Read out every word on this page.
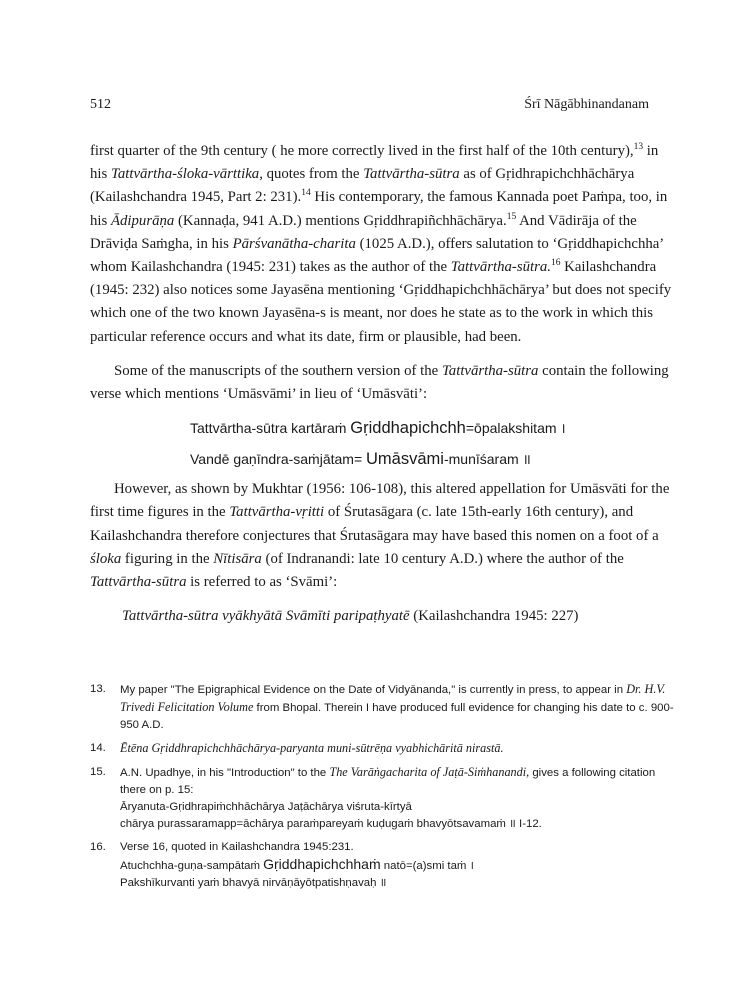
512	Śrī Nāgābhinandanam

first quarter of the 9th century ( he more correctly lived in the first half of the 10th century),$^{13}$ in his Tattvārtha-śloka-vārttika, quotes from the Tattvārtha-sūtra as of Gṛidhrapichchhāchārya (Kailashchandra 1945, Part 2: 231).$^{14}$ His contemporary, the famous Kannada poet Paṁpa, too, in his Ādipurāṇa (Kannaḍa, 941 A.D.) mentions Gṛiddhrapiñchhāchārya.$^{15}$ And Vādirāja of the Drāviḍa Saṁgha, in his Pārśvanātha-charita (1025 A.D.), offers salutation to ‘Gṛiddhapichchha’ whom Kailashchandra (1945: 231) takes as the author of the Tattvārtha-sūtra.$^{16}$ Kailashchandra (1945: 232) also notices some Jayasēna mentioning ‘Gṛiddhapichchhāchārya’ but does not specify which one of the two known Jayasēna-s is meant, nor does he state as to the work in which this particular reference occurs and what its date, firm or plausible, had been.

Some of the manuscripts of the southern version of the Tattvārtha-sūtra contain the following verse which mentions ‘Umāsvāmi’ in lieu of ‘Umāsvāti’:

Tattvārtha-sūtra kartāraṁ Gṛiddhapichchh=ōpalakshitam ।

Vandē gaṇīndra-saṁjātam= Umāsvāmi-munīśaram ॥

However, as shown by Mukhtar (1956: 106-108), this altered appellation for Umāsvāti for the first time figures in the Tattvārtha-vṛitti of Śrutasāgara (c. late 15th-early 16th century), and Kailashchandra therefore conjectures that Śrutasāgara may have based this nomen on a foot of a śloka figuring in the Nītisāra (of Indranandi: late 10 century A.D.) where the author of the Tattvārtha-sūtra is referred to as ‘Svāmi’:

Tattvārtha-sūtra vyākhyātā Svāmīti paripaṭhyatē (Kailashchandra 1945: 227)

13. My paper "The Epigraphical Evidence on the Date of Vidyānanda," is currently in press, to appear in Dr. H.V. Trivedi Felicitation Volume from Bhopal. Therein I have produced full evidence for changing his date to c. 900-950 A.D.
14. Ētēna Gṛiddhrapichchhāchārya-paryanta muni-sūtrēṇa vyabhichāritā nirastā.
15. A.N. Upadhye, in his "Introduction" to the The Varāṅgacharita of Jaṭā-Siṁhanandi, gives a following citation there on p. 15:
Āryanuta-Gṛidhrapiṁchhāchārya Jaṭāchārya viśruta-kīrtyā
chārya purassaramapp=āchārya paraṁpareyaṁ kuḍugaṁ bhavyōtsavamaṁ ॥ I-12.
16. Verse 16, quoted in Kailashchandra 1945:231.
Atuchchha-guṇa-sampātaṁ Gṛiddhapichchhaṁ natō=(a)smi taṁ ।
Pakshīkurvanti yaṁ bhavyā nirvāṇāyōtpatishṇavaḥ ॥
